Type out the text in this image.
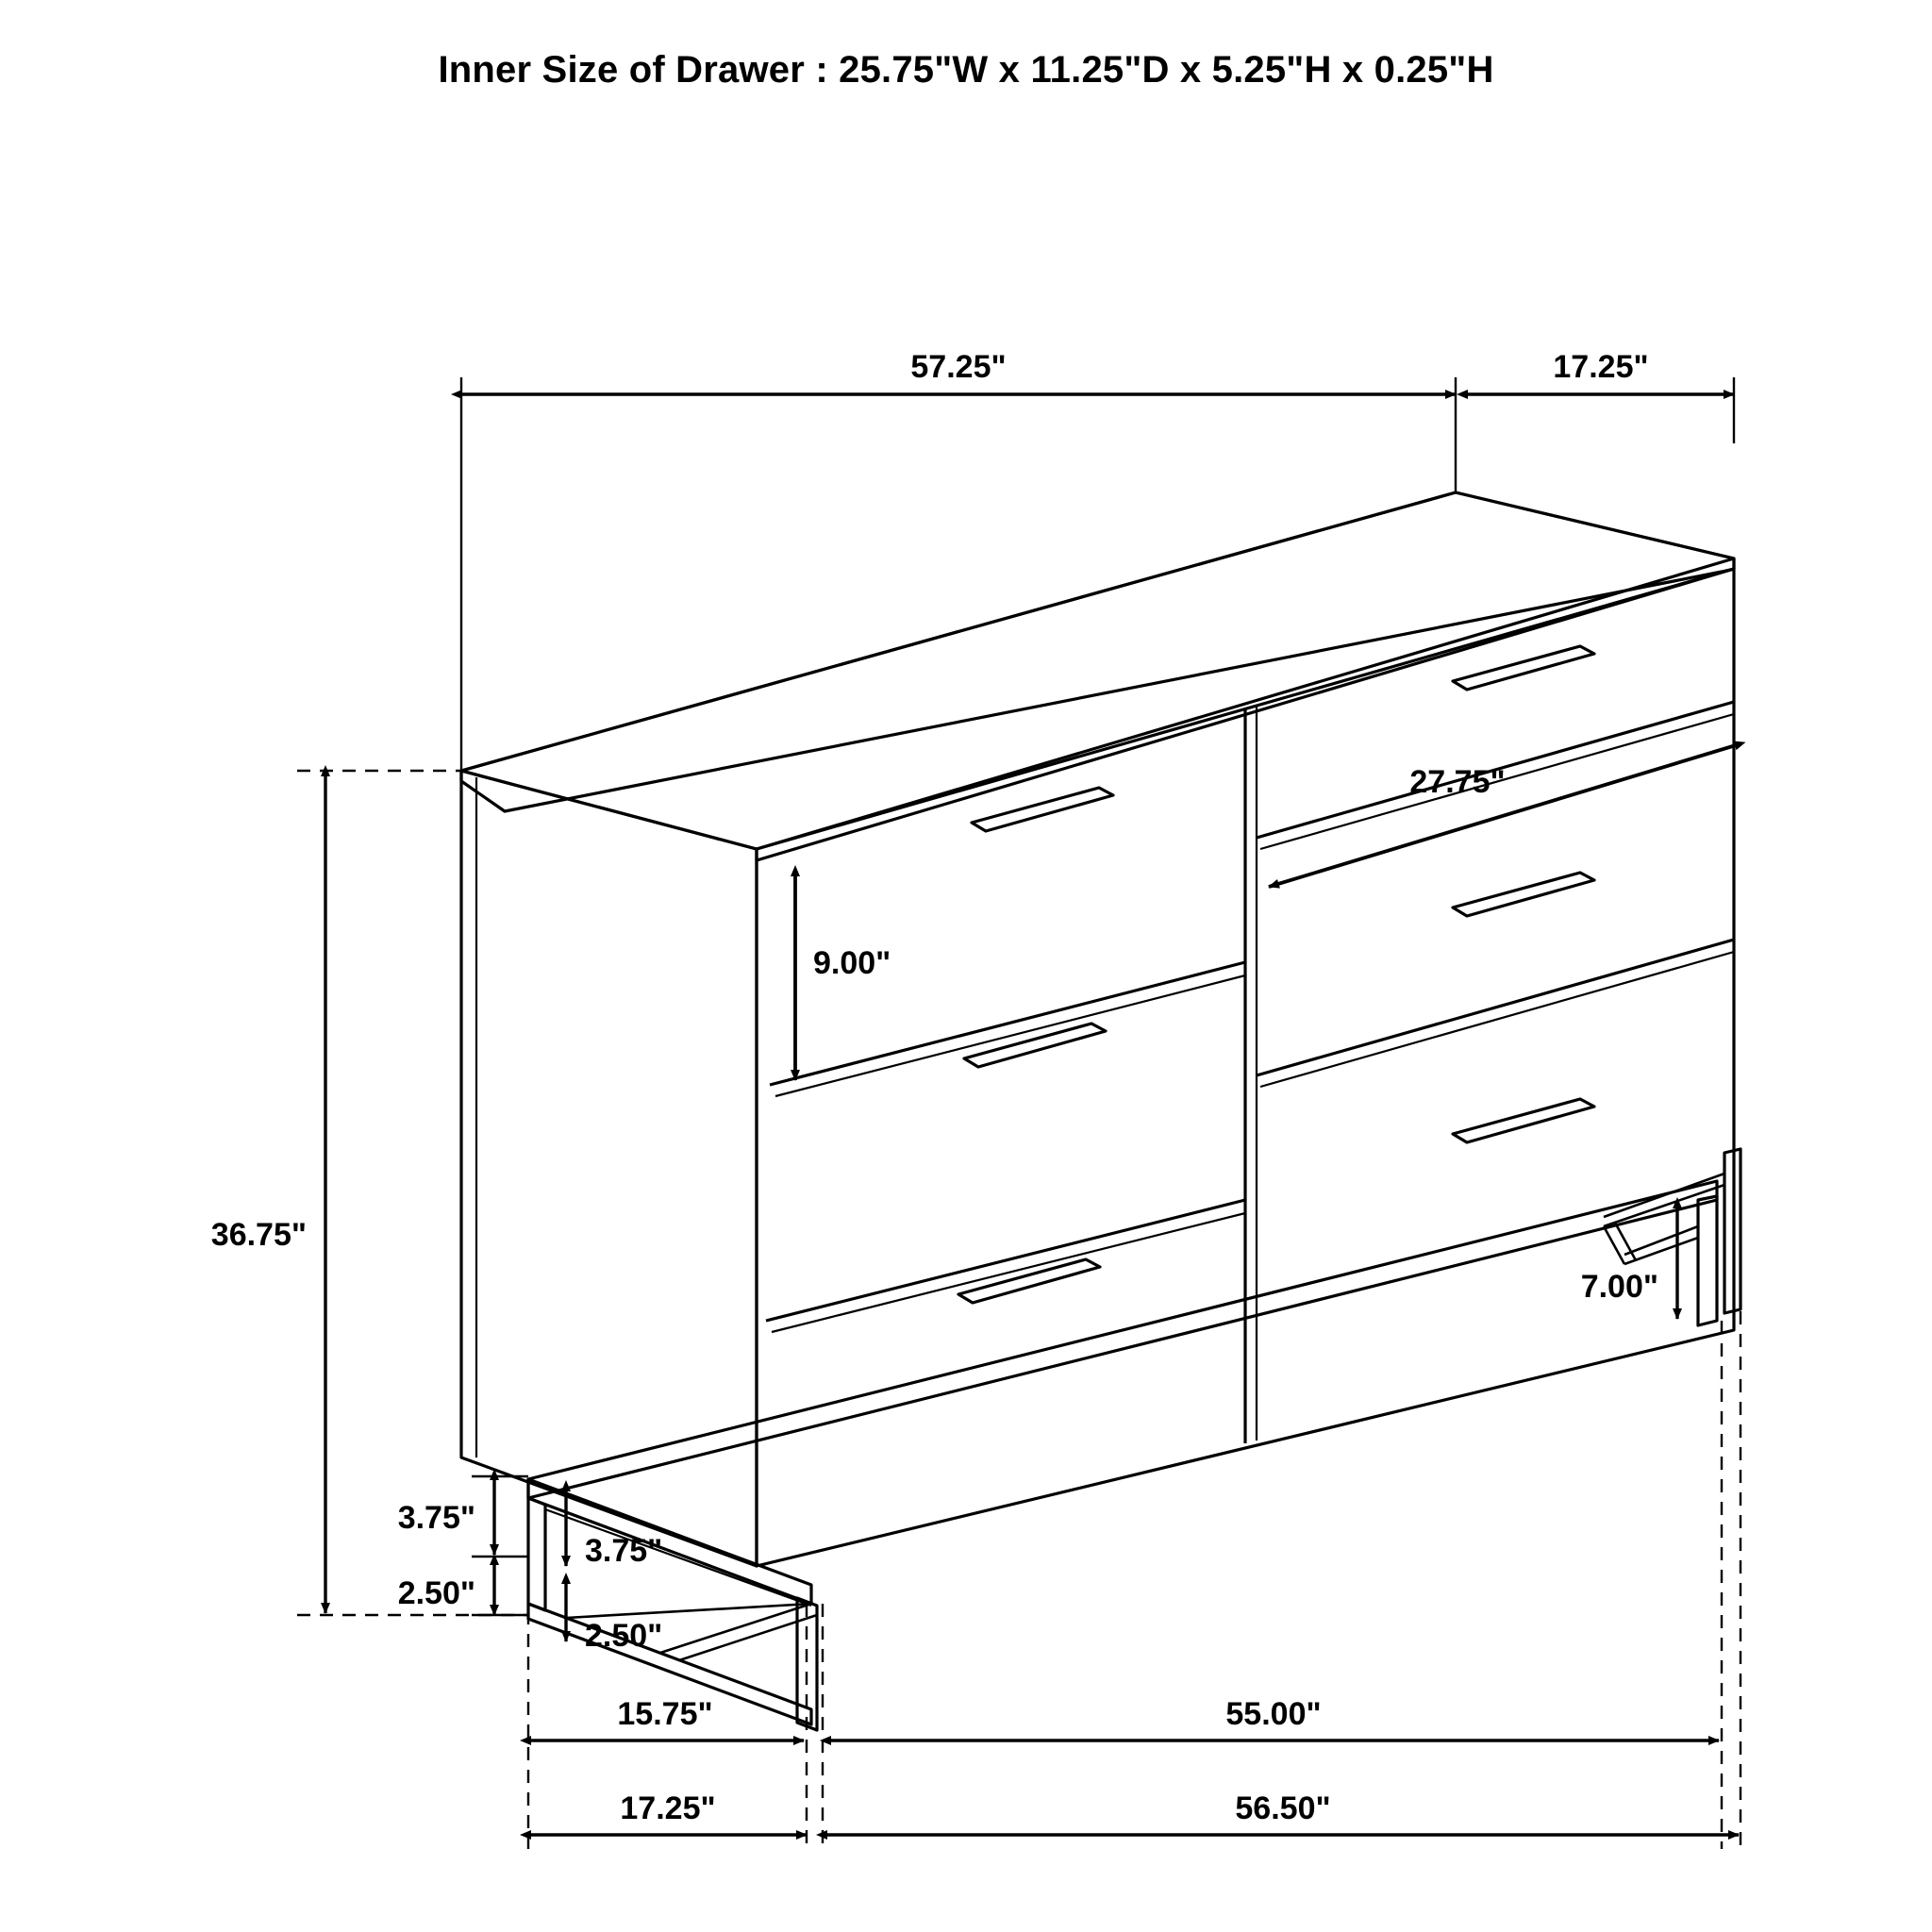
Inner Size of Drawer : 25.75"W x 11.25"D x 5.25"H x 0.25"H
57.25"	17.25"
27.75"
9.00"
36.75"
7.00"
3.75"
3.75"
2.50"
2.50"
15.75"	55.00"
17.25"	56.50"
